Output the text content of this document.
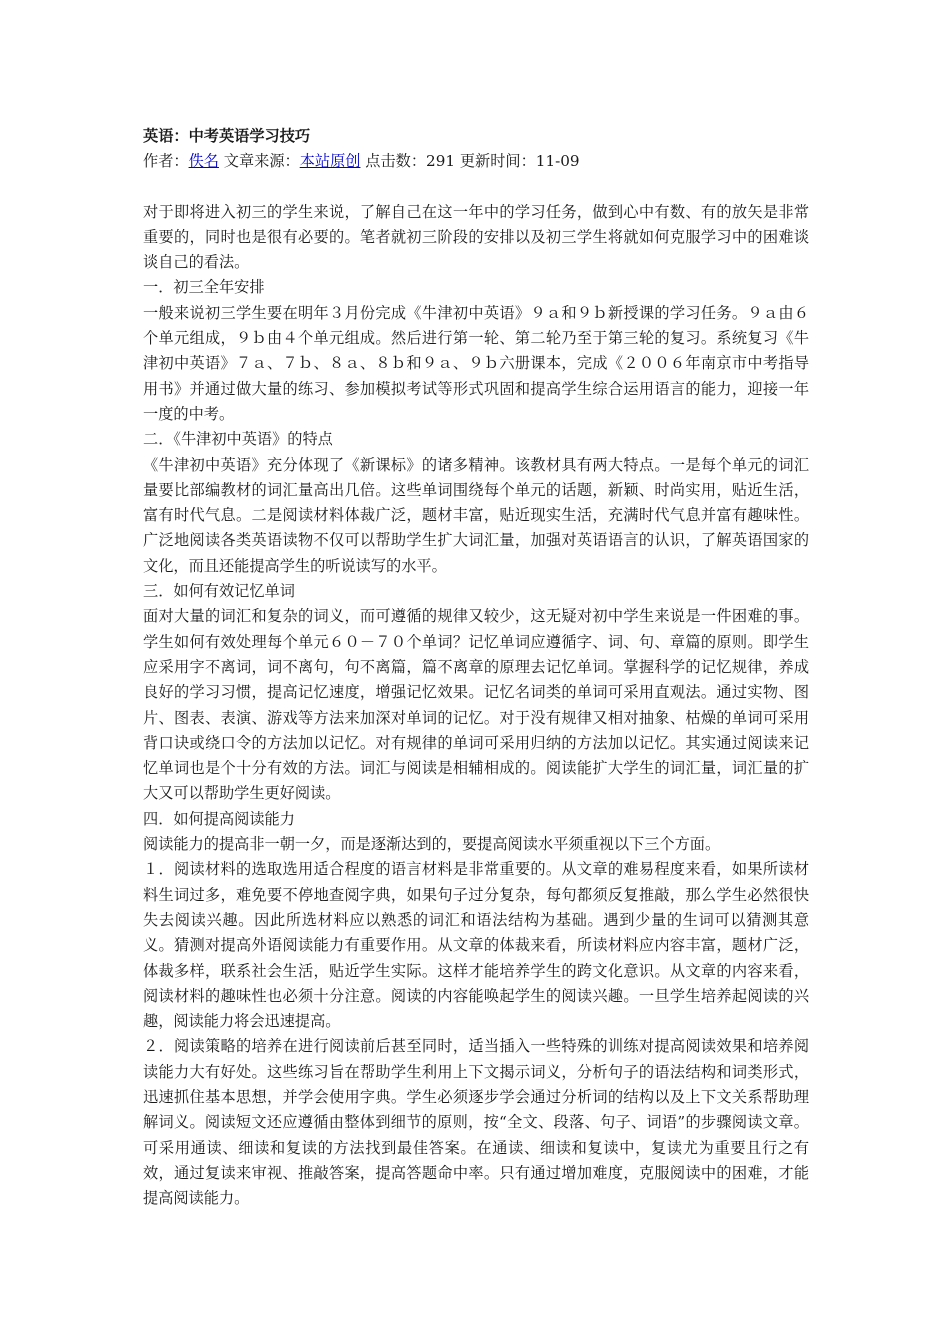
英语：中考英语学习技巧

作者：佚名 文章来源：本站原创 点击数：291 更新时间：11-09

对于即将进入初三的学生来说，了解自己在这一年中的学习任务，做到心中有数、有的放矢是非常重要的，同时也是很有必要的。笔者就初三阶段的安排以及初三学生将就如何克服学习中的困难谈谈自己的看法。

一．初三全年安排

一般来说初三学生要在明年３月份完成《牛津初中英语》９ａ和９ｂ新授课的学习任务。９ａ由６个单元组成，９ｂ由４个单元组成。然后进行第一轮、第二轮乃至于第三轮的复习。系统复习《牛津初中英语》７ａ、７ｂ、８ａ、８ｂ和９ａ、９ｂ六册课本，完成《２００６年南京市中考指导用书》并通过做大量的练习、参加模拟考试等形式巩固和提高学生综合运用语言的能力，迎接一年一度的中考。

二．《牛津初中英语》的特点

《牛津初中英语》充分体现了《新课标》的诸多精神。该教材具有两大特点。一是每个单元的词汇量要比部编教材的词汇量高出几倍。这些单词围绕每个单元的话题，新颖、时尚实用，贴近生活，富有时代气息。二是阅读材料体裁广泛，题材丰富，贴近现实生活，充满时代气息并富有趣味性。广泛地阅读各类英语读物不仅可以帮助学生扩大词汇量，加强对英语语言的认识，了解英语国家的文化，而且还能提高学生的听说读写的水平。

三．如何有效记忆单词

面对大量的词汇和复杂的词义，而可遵循的规律又较少，这无疑对初中学生来说是一件困难的事。学生如何有效处理每个单元６０－７０个单词？记忆单词应遵循字、词、句、章篇的原则。即学生应采用字不离词，词不离句，句不离篇，篇不离章的原理去记忆单词。掌握科学的记忆规律，养成良好的学习习惯，提高记忆速度，增强记忆效果。记忆名词类的单词可采用直观法。通过实物、图片、图表、表演、游戏等方法来加深对单词的记忆。对于没有规律又相对抽象、枯燥的单词可采用背口诀或绕口令的方法加以记忆。对有规律的单词可采用归纳的方法加以记忆。其实通过阅读来记忆单词也是个十分有效的方法。词汇与阅读是相辅相成的。阅读能扩大学生的词汇量，词汇量的扩大又可以帮助学生更好阅读。

四．如何提高阅读能力

阅读能力的提高非一朝一夕，而是逐渐达到的，要提高阅读水平须重视以下三个方面。

１．阅读材料的选取选用适合程度的语言材料是非常重要的。从文章的难易程度来看，如果所读材料生词过多，难免要不停地查阅字典，如果句子过分复杂，每句都须反复推敲，那么学生必然很快失去阅读兴趣。因此所选材料应以熟悉的词汇和语法结构为基础。遇到少量的生词可以猜测其意义。猜测对提高外语阅读能力有重要作用。从文章的体裁来看，所读材料应内容丰富，题材广泛，体裁多样，联系社会生活，贴近学生实际。这样才能培养学生的跨文化意识。从文章的内容来看，阅读材料的趣味性也必须十分注意。阅读的内容能唤起学生的阅读兴趣。一旦学生培养起阅读的兴趣，阅读能力将会迅速提高。

２．阅读策略的培养在进行阅读前后甚至同时，适当插入一些特殊的训练对提高阅读效果和培养阅读能力大有好处。这些练习旨在帮助学生利用上下文揭示词义，分析句子的语法结构和词类形式，迅速抓住基本思想，并学会使用字典。学生必须逐步学会通过分析词的结构以及上下文关系帮助理解词义。阅读短文还应遵循由整体到细节的原则，按“全文、段落、句子、词语”的步骤阅读文章。可采用通读、细读和复读的方法找到最佳答案。在通读、细读和复读中，复读尤为重要且行之有效，通过复读来审视、推敲答案，提高答题命中率。只有通过增加难度，克服阅读中的困难，才能提高阅读能力。
